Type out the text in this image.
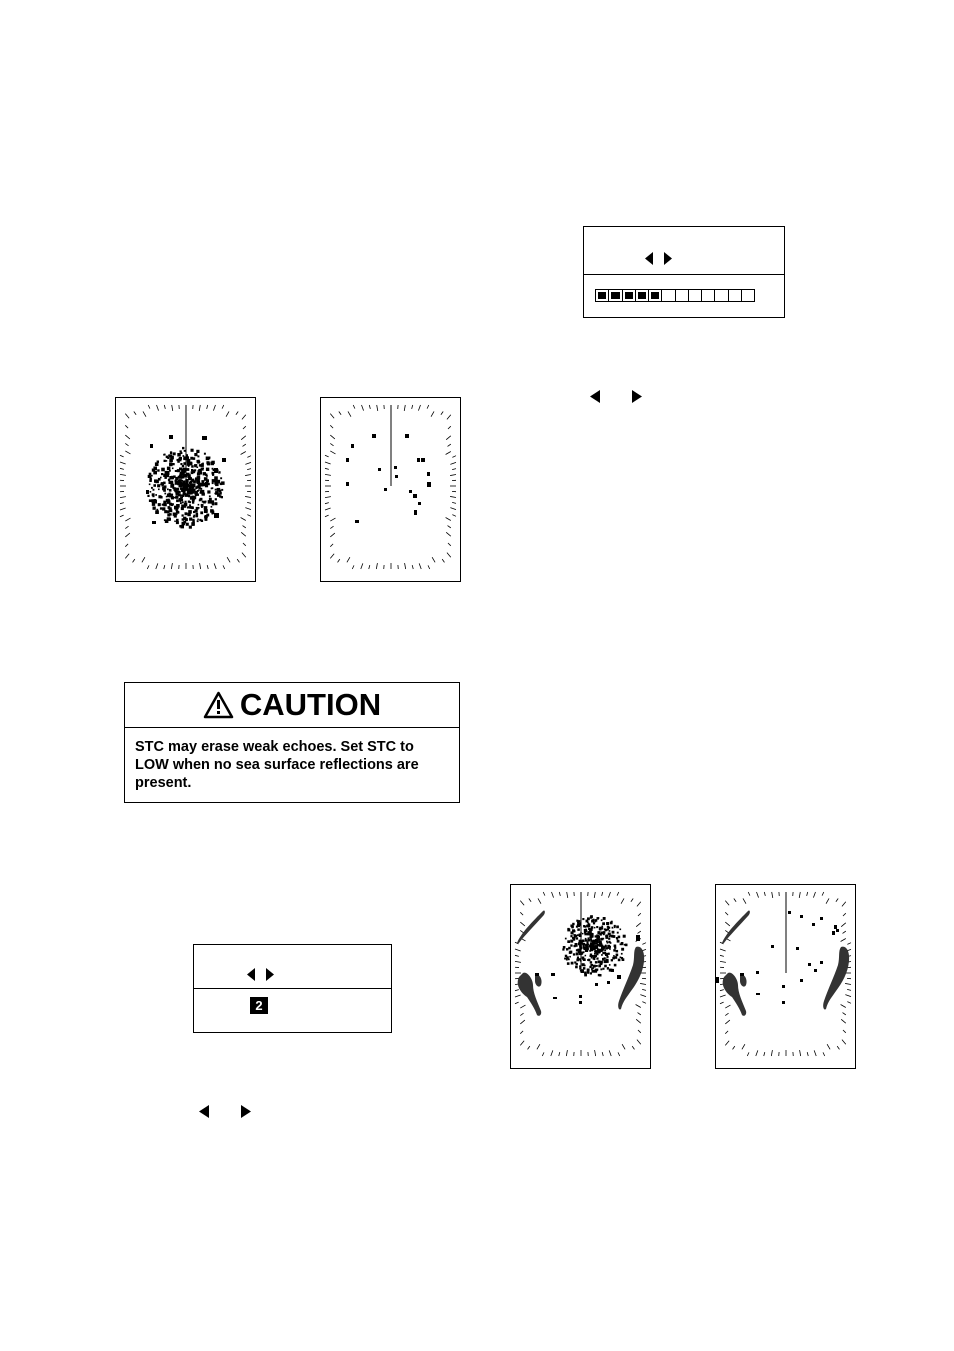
CAUTION
STC may erase weak echoes. Set STC to LOW when no sea surface reflections are present.
2
